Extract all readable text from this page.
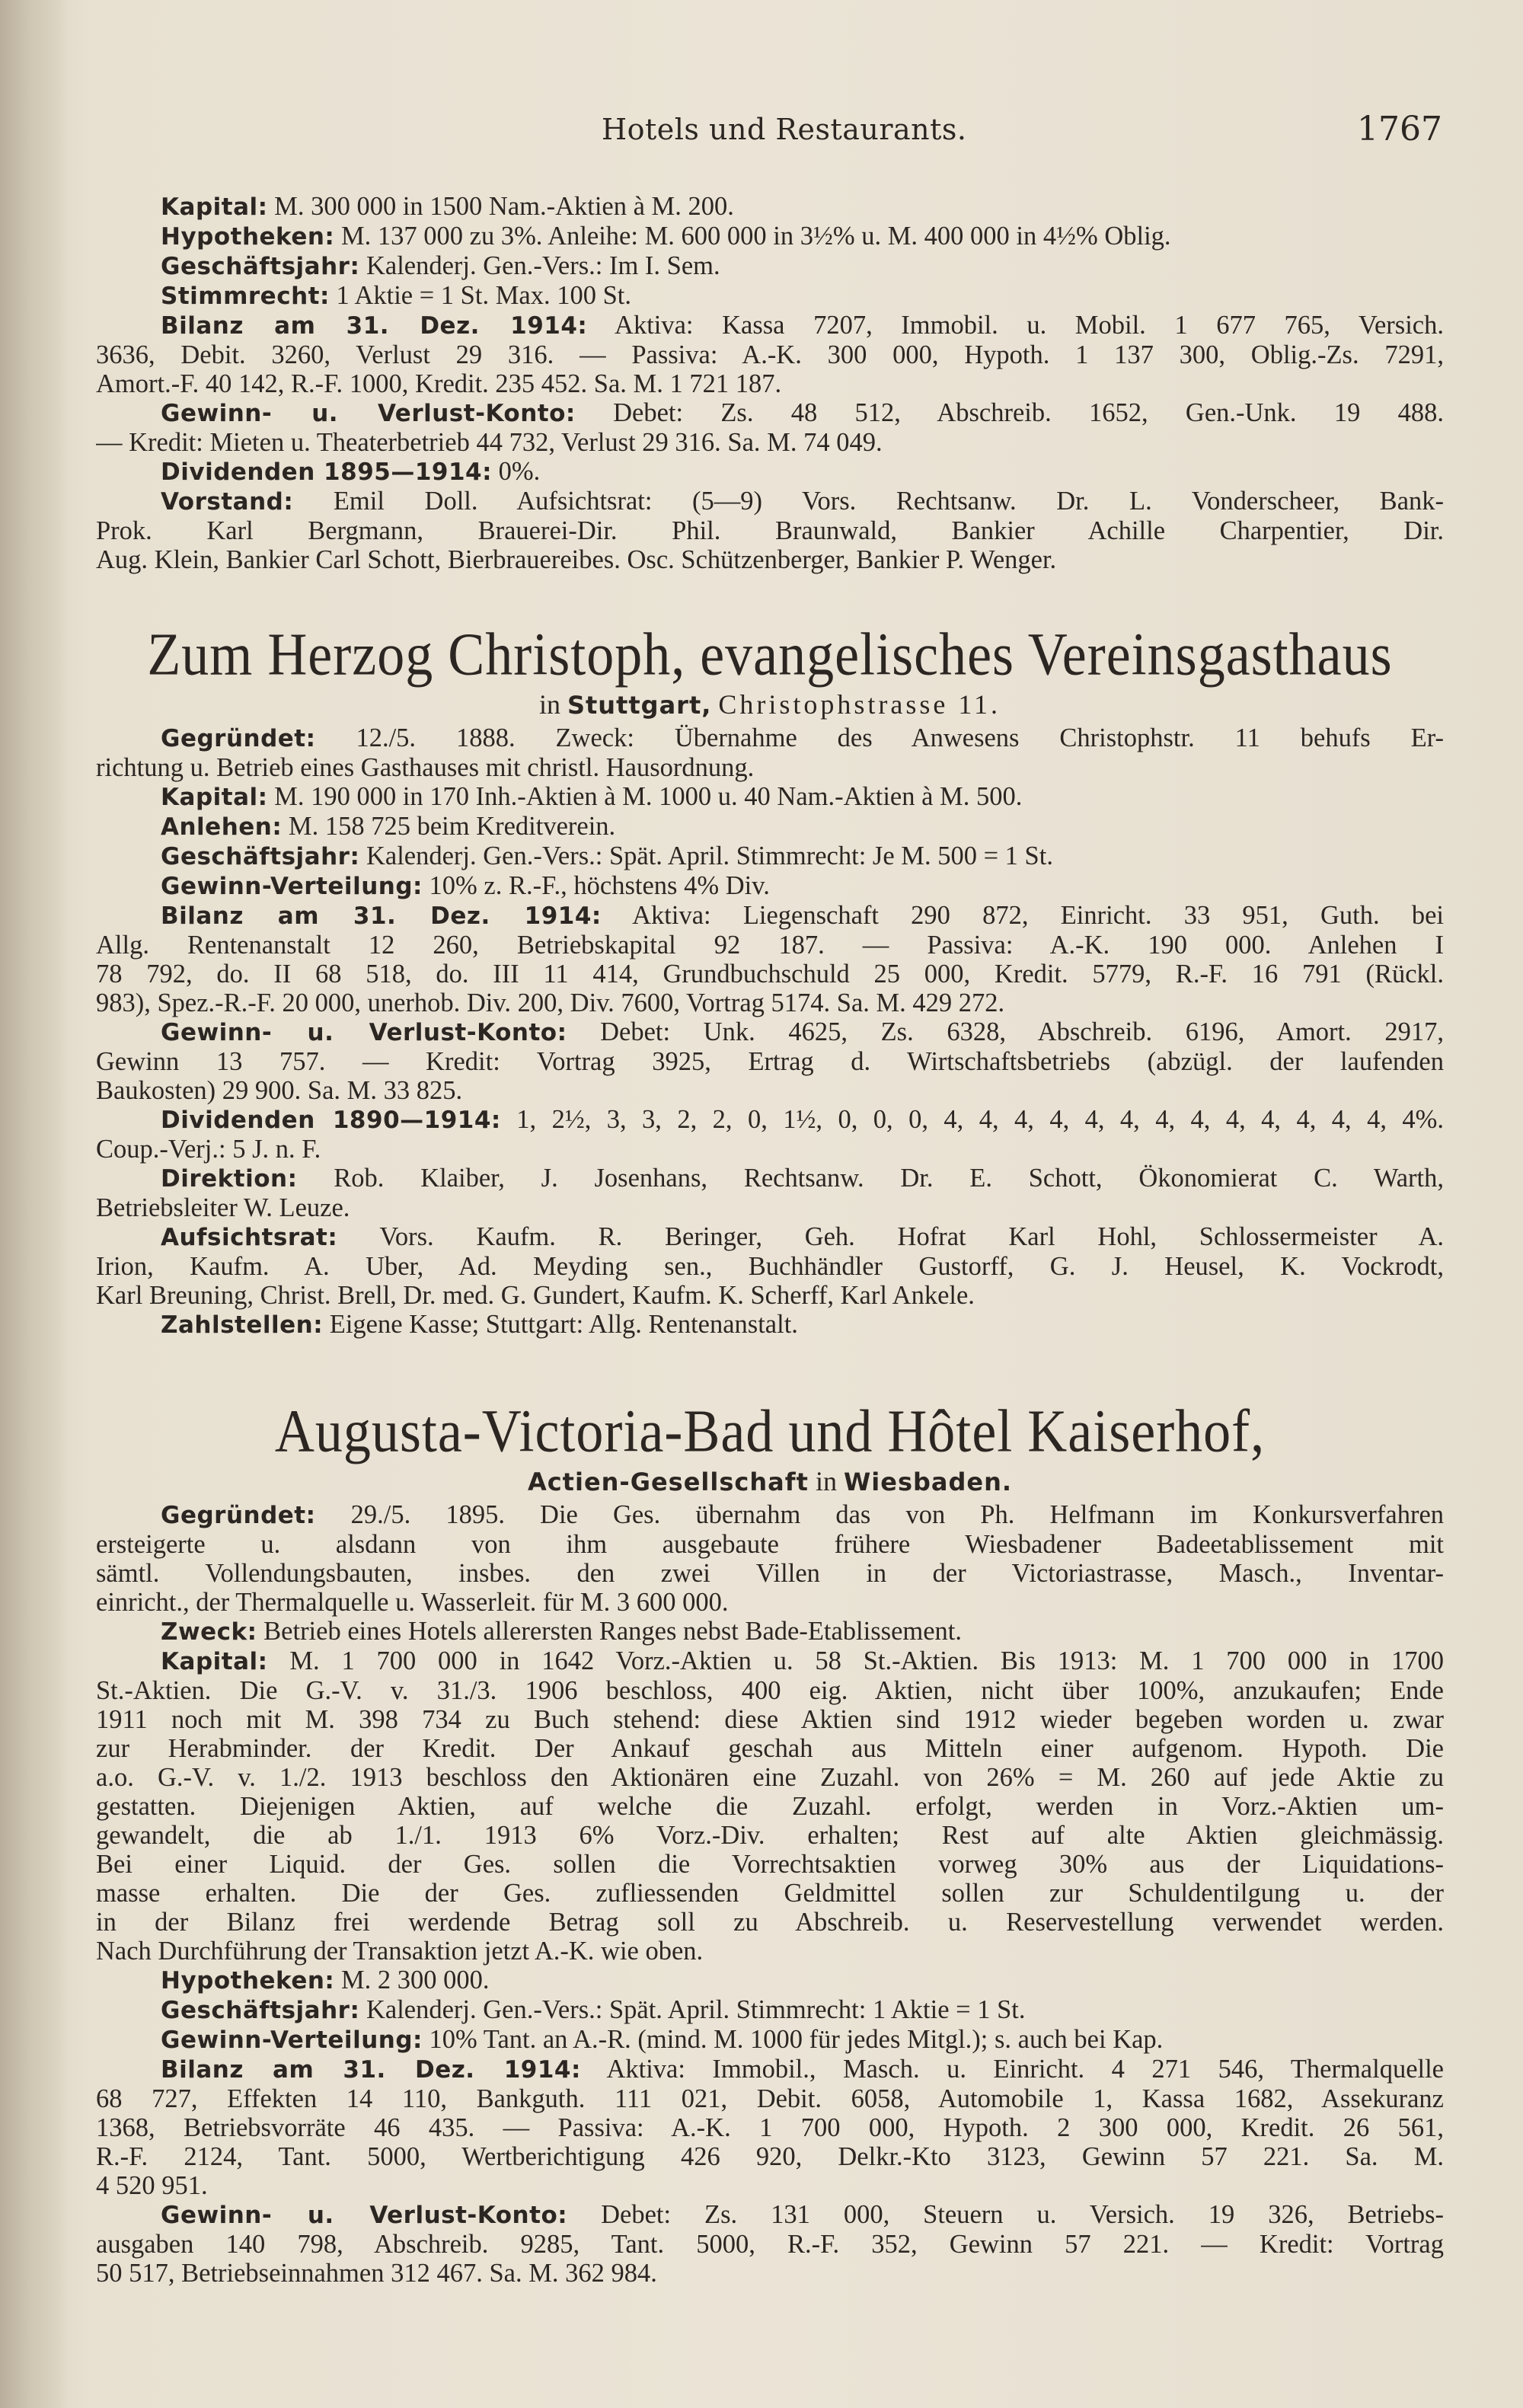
Hotels und Restaurants.	1767
Kapital: M. 300 000 in 1500 Nam.-Aktien à M. 200.
Hypotheken: M. 137 000 zu 3%. Anleihe: M. 600 000 in 3½% u. M. 400 000 in 4½% Oblig.
Geschäftsjahr: Kalenderj. Gen.-Vers.: Im I. Sem.
Stimmrecht: 1 Aktie = 1 St. Max. 100 St.
Bilanz am 31. Dez. 1914: Aktiva: Kassa 7207, Immobil. u. Mobil. 1 677 765, Versich.
3636, Debit. 3260, Verlust 29 316. — Passiva: A.-K. 300 000, Hypoth. 1 137 300, Oblig.-Zs. 7291,
Amort.-F. 40 142, R.-F. 1000, Kredit. 235 452. Sa. M. 1 721 187.
Gewinn- u. Verlust-Konto: Debet: Zs. 48 512, Abschreib. 1652, Gen.-Unk. 19 488.
— Kredit: Mieten u. Theaterbetrieb 44 732, Verlust 29 316. Sa. M. 74 049.
Dividenden 1895—1914: 0%.
Vorstand: Emil Doll. Aufsichtsrat: (5—9) Vors. Rechtsanw. Dr. L. Vonderscheer, Bank-
Prok. Karl Bergmann, Brauerei-Dir. Phil. Braunwald, Bankier Achille Charpentier, Dir.
Aug. Klein, Bankier Carl Schott, Bierbrauereibes. Osc. Schützenberger, Bankier P. Wenger.
Zum Herzog Christoph, evangelisches Vereinsgasthaus
in Stuttgart, Christophstrasse 11.
Gegründet: 12./5. 1888. Zweck: Übernahme des Anwesens Christophstr. 11 behufs Er-
richtung u. Betrieb eines Gasthauses mit christl. Hausordnung.
Kapital: M. 190 000 in 170 Inh.-Aktien à M. 1000 u. 40 Nam.-Aktien à M. 500.
Anlehen: M. 158 725 beim Kreditverein.
Geschäftsjahr: Kalenderj. Gen.-Vers.: Spät. April. Stimmrecht: Je M. 500 = 1 St.
Gewinn-Verteilung: 10% z. R.-F., höchstens 4% Div.
Bilanz am 31. Dez. 1914: Aktiva: Liegenschaft 290 872, Einricht. 33 951, Guth. bei
Allg. Rentenanstalt 12 260, Betriebskapital 92 187. — Passiva: A.-K. 190 000. Anlehen I
78 792, do. II 68 518, do. III 11 414, Grundbuchschuld 25 000, Kredit. 5779, R.-F. 16 791 (Rückl.
983), Spez.-R.-F. 20 000, unerhob. Div. 200, Div. 7600, Vortrag 5174. Sa. M. 429 272.
Gewinn- u. Verlust-Konto: Debet: Unk. 4625, Zs. 6328, Abschreib. 6196, Amort. 2917,
Gewinn 13 757. — Kredit: Vortrag 3925, Ertrag d. Wirtschaftsbetriebs (abzügl. der laufenden
Baukosten) 29 900. Sa. M. 33 825.
Dividenden 1890—1914: 1, 2½, 3, 3, 2, 2, 0, 1½, 0, 0, 0, 4, 4, 4, 4, 4, 4, 4, 4, 4, 4, 4, 4, 4, 4%.
Coup.-Verj.: 5 J. n. F.
Direktion: Rob. Klaiber, J. Josenhans, Rechtsanw. Dr. E. Schott, Ökonomierat C. Warth,
Betriebsleiter W. Leuze.
Aufsichtsrat: Vors. Kaufm. R. Beringer, Geh. Hofrat Karl Hohl, Schlossermeister A.
Irion, Kaufm. A. Uber, Ad. Meyding sen., Buchhändler Gustorff, G. J. Heusel, K. Vockrodt,
Karl Breuning, Christ. Brell, Dr. med. G. Gundert, Kaufm. K. Scherff, Karl Ankele.
Zahlstellen: Eigene Kasse; Stuttgart: Allg. Rentenanstalt.
Augusta-Victoria-Bad und Hôtel Kaiserhof,
Actien-Gesellschaft in Wiesbaden.
Gegründet: 29./5. 1895. Die Ges. übernahm das von Ph. Helfmann im Konkursverfahren
ersteigerte u. alsdann von ihm ausgebaute frühere Wiesbadener Badeetablissement mit
sämtl. Vollendungsbauten, insbes. den zwei Villen in der Victoriastrasse, Masch., Inventar-
einricht., der Thermalquelle u. Wasserleit. für M. 3 600 000.
Zweck: Betrieb eines Hotels allerersten Ranges nebst Bade-Etablissement.
Kapital: M. 1 700 000 in 1642 Vorz.-Aktien u. 58 St.-Aktien. Bis 1913: M. 1 700 000 in 1700
St.-Aktien. Die G.-V. v. 31./3. 1906 beschloss, 400 eig. Aktien, nicht über 100%, anzukaufen; Ende
1911 noch mit M. 398 734 zu Buch stehend: diese Aktien sind 1912 wieder begeben worden u. zwar
zur Herabminder. der Kredit. Der Ankauf geschah aus Mitteln einer aufgenom. Hypoth. Die
a.o. G.-V. v. 1./2. 1913 beschloss den Aktionären eine Zuzahl. von 26% = M. 260 auf jede Aktie zu
gestatten. Diejenigen Aktien, auf welche die Zuzahl. erfolgt, werden in Vorz.-Aktien um-
gewandelt, die ab 1./1. 1913 6% Vorz.-Div. erhalten; Rest auf alte Aktien gleichmässig.
Bei einer Liquid. der Ges. sollen die Vorrechtsaktien vorweg 30% aus der Liquidations-
masse erhalten. Die der Ges. zufliessenden Geldmittel sollen zur Schuldentilgung u. der
in der Bilanz frei werdende Betrag soll zu Abschreib. u. Reservestellung verwendet werden.
Nach Durchführung der Transaktion jetzt A.-K. wie oben.
Hypotheken: M. 2 300 000.
Geschäftsjahr: Kalenderj. Gen.-Vers.: Spät. April. Stimmrecht: 1 Aktie = 1 St.
Gewinn-Verteilung: 10% Tant. an A.-R. (mind. M. 1000 für jedes Mitgl.); s. auch bei Kap.
Bilanz am 31. Dez. 1914: Aktiva: Immobil., Masch. u. Einricht. 4 271 546, Thermalquelle
68 727, Effekten 14 110, Bankguth. 111 021, Debit. 6058, Automobile 1, Kassa 1682, Assekuranz
1368, Betriebsvorräte 46 435. — Passiva: A.-K. 1 700 000, Hypoth. 2 300 000, Kredit. 26 561,
R.-F. 2124, Tant. 5000, Wertberichtigung 426 920, Delkr.-Kto 3123, Gewinn 57 221. Sa. M.
4 520 951.
Gewinn- u. Verlust-Konto: Debet: Zs. 131 000, Steuern u. Versich. 19 326, Betriebs-
ausgaben 140 798, Abschreib. 9285, Tant. 5000, R.-F. 352, Gewinn 57 221. — Kredit: Vortrag
50 517, Betriebseinnahmen 312 467. Sa. M. 362 984.
